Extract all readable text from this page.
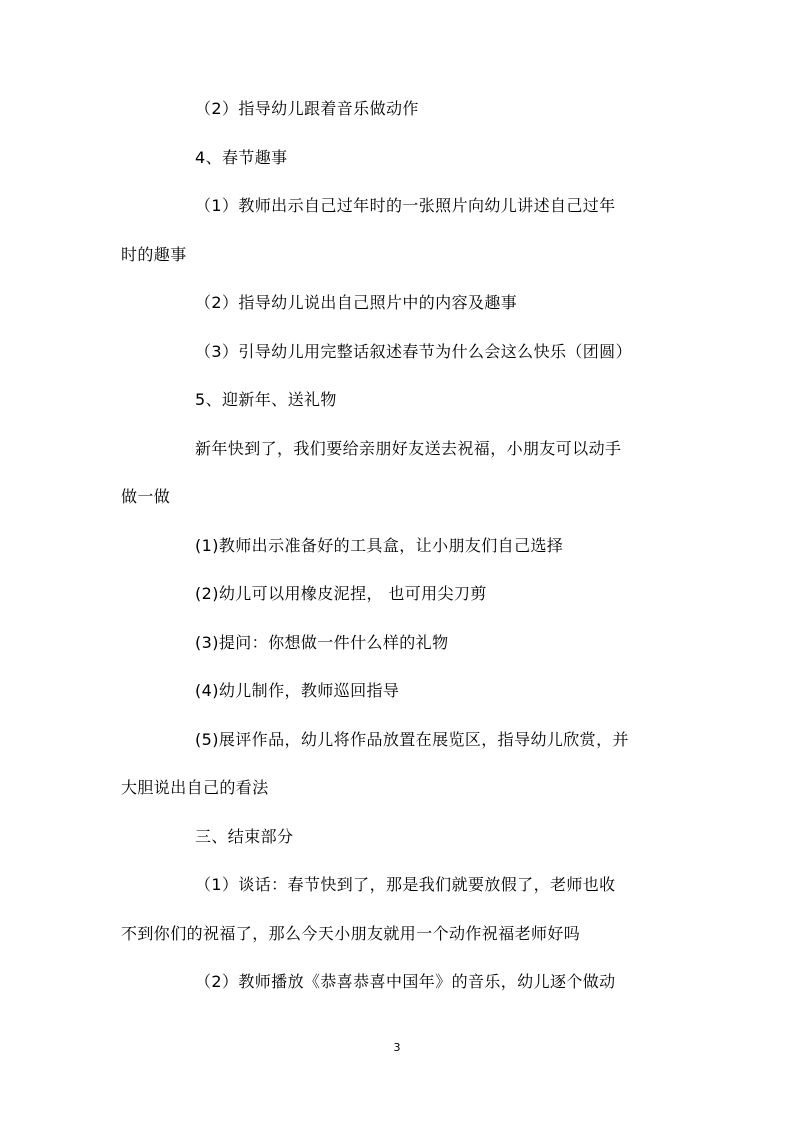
（2）指导幼儿跟着音乐做动作
4、春节趣事
（1）教师出示自己过年时的一张照片向幼儿讲述自己过年
时的趣事
（2）指导幼儿说出自己照片中的内容及趣事
（3）引导幼儿用完整话叙述春节为什么会这么快乐（团圆）
5、迎新年、送礼物
新年快到了，我们要给亲朋好友送去祝福，小朋友可以动手
做一做
(1)教师出示准备好的工具盒，让小朋友们自己选择
(2)幼儿可以用橡皮泥捏， 也可用尖刀剪
(3)提问：你想做一件什么样的礼物
(4)幼儿制作，教师巡回指导
(5)展评作品，幼儿将作品放置在展览区，指导幼儿欣赏，并
大胆说出自己的看法
三、结束部分
（1）谈话：春节快到了，那是我们就要放假了，老师也收
不到你们的祝福了，那么今天小朋友就用一个动作祝福老师好吗
（2）教师播放《恭喜恭喜中国年》的音乐，幼儿逐个做动
3
